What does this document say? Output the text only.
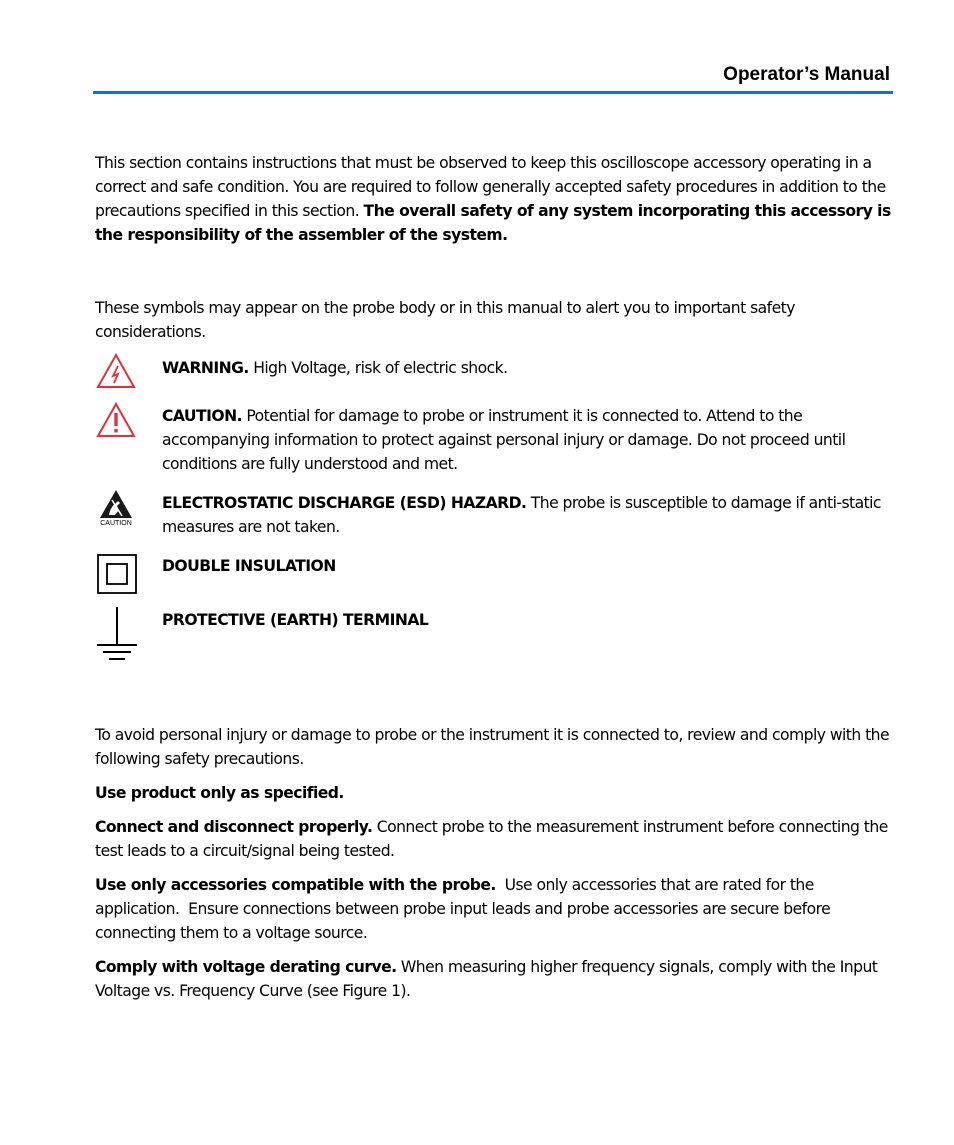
Operator’s Manual
This section contains instructions that must be observed to keep this oscilloscope accessory operating in a correct and safe condition. You are required to follow generally accepted safety procedures in addition to the precautions specified in this section. The overall safety of any system incorporating this accessory is the responsibility of the assembler of the system.
These symbols may appear on the probe body or in this manual to alert you to important safety considerations.
WARNING. High Voltage, risk of electric shock.
CAUTION. Potential for damage to probe or instrument it is connected to. Attend to the accompanying information to protect against personal injury or damage. Do not proceed until conditions are fully understood and met.
CAUTION
ELECTROSTATIC DISCHARGE (ESD) HAZARD. The probe is susceptible to damage if anti-static measures are not taken.
DOUBLE INSULATION
PROTECTIVE (EARTH) TERMINAL
To avoid personal injury or damage to probe or the instrument it is connected to, review and comply with the following safety precautions.
Use product only as specified.
Connect and disconnect properly. Connect probe to the measurement instrument before connecting the test leads to a circuit/signal being tested.
Use only accessories compatible with the probe.  Use only accessories that are rated for the application.  Ensure connections between probe input leads and probe accessories are secure before connecting them to a voltage source.
Comply with voltage derating curve. When measuring higher frequency signals, comply with the Input Voltage vs. Frequency Curve (see Figure 1).
